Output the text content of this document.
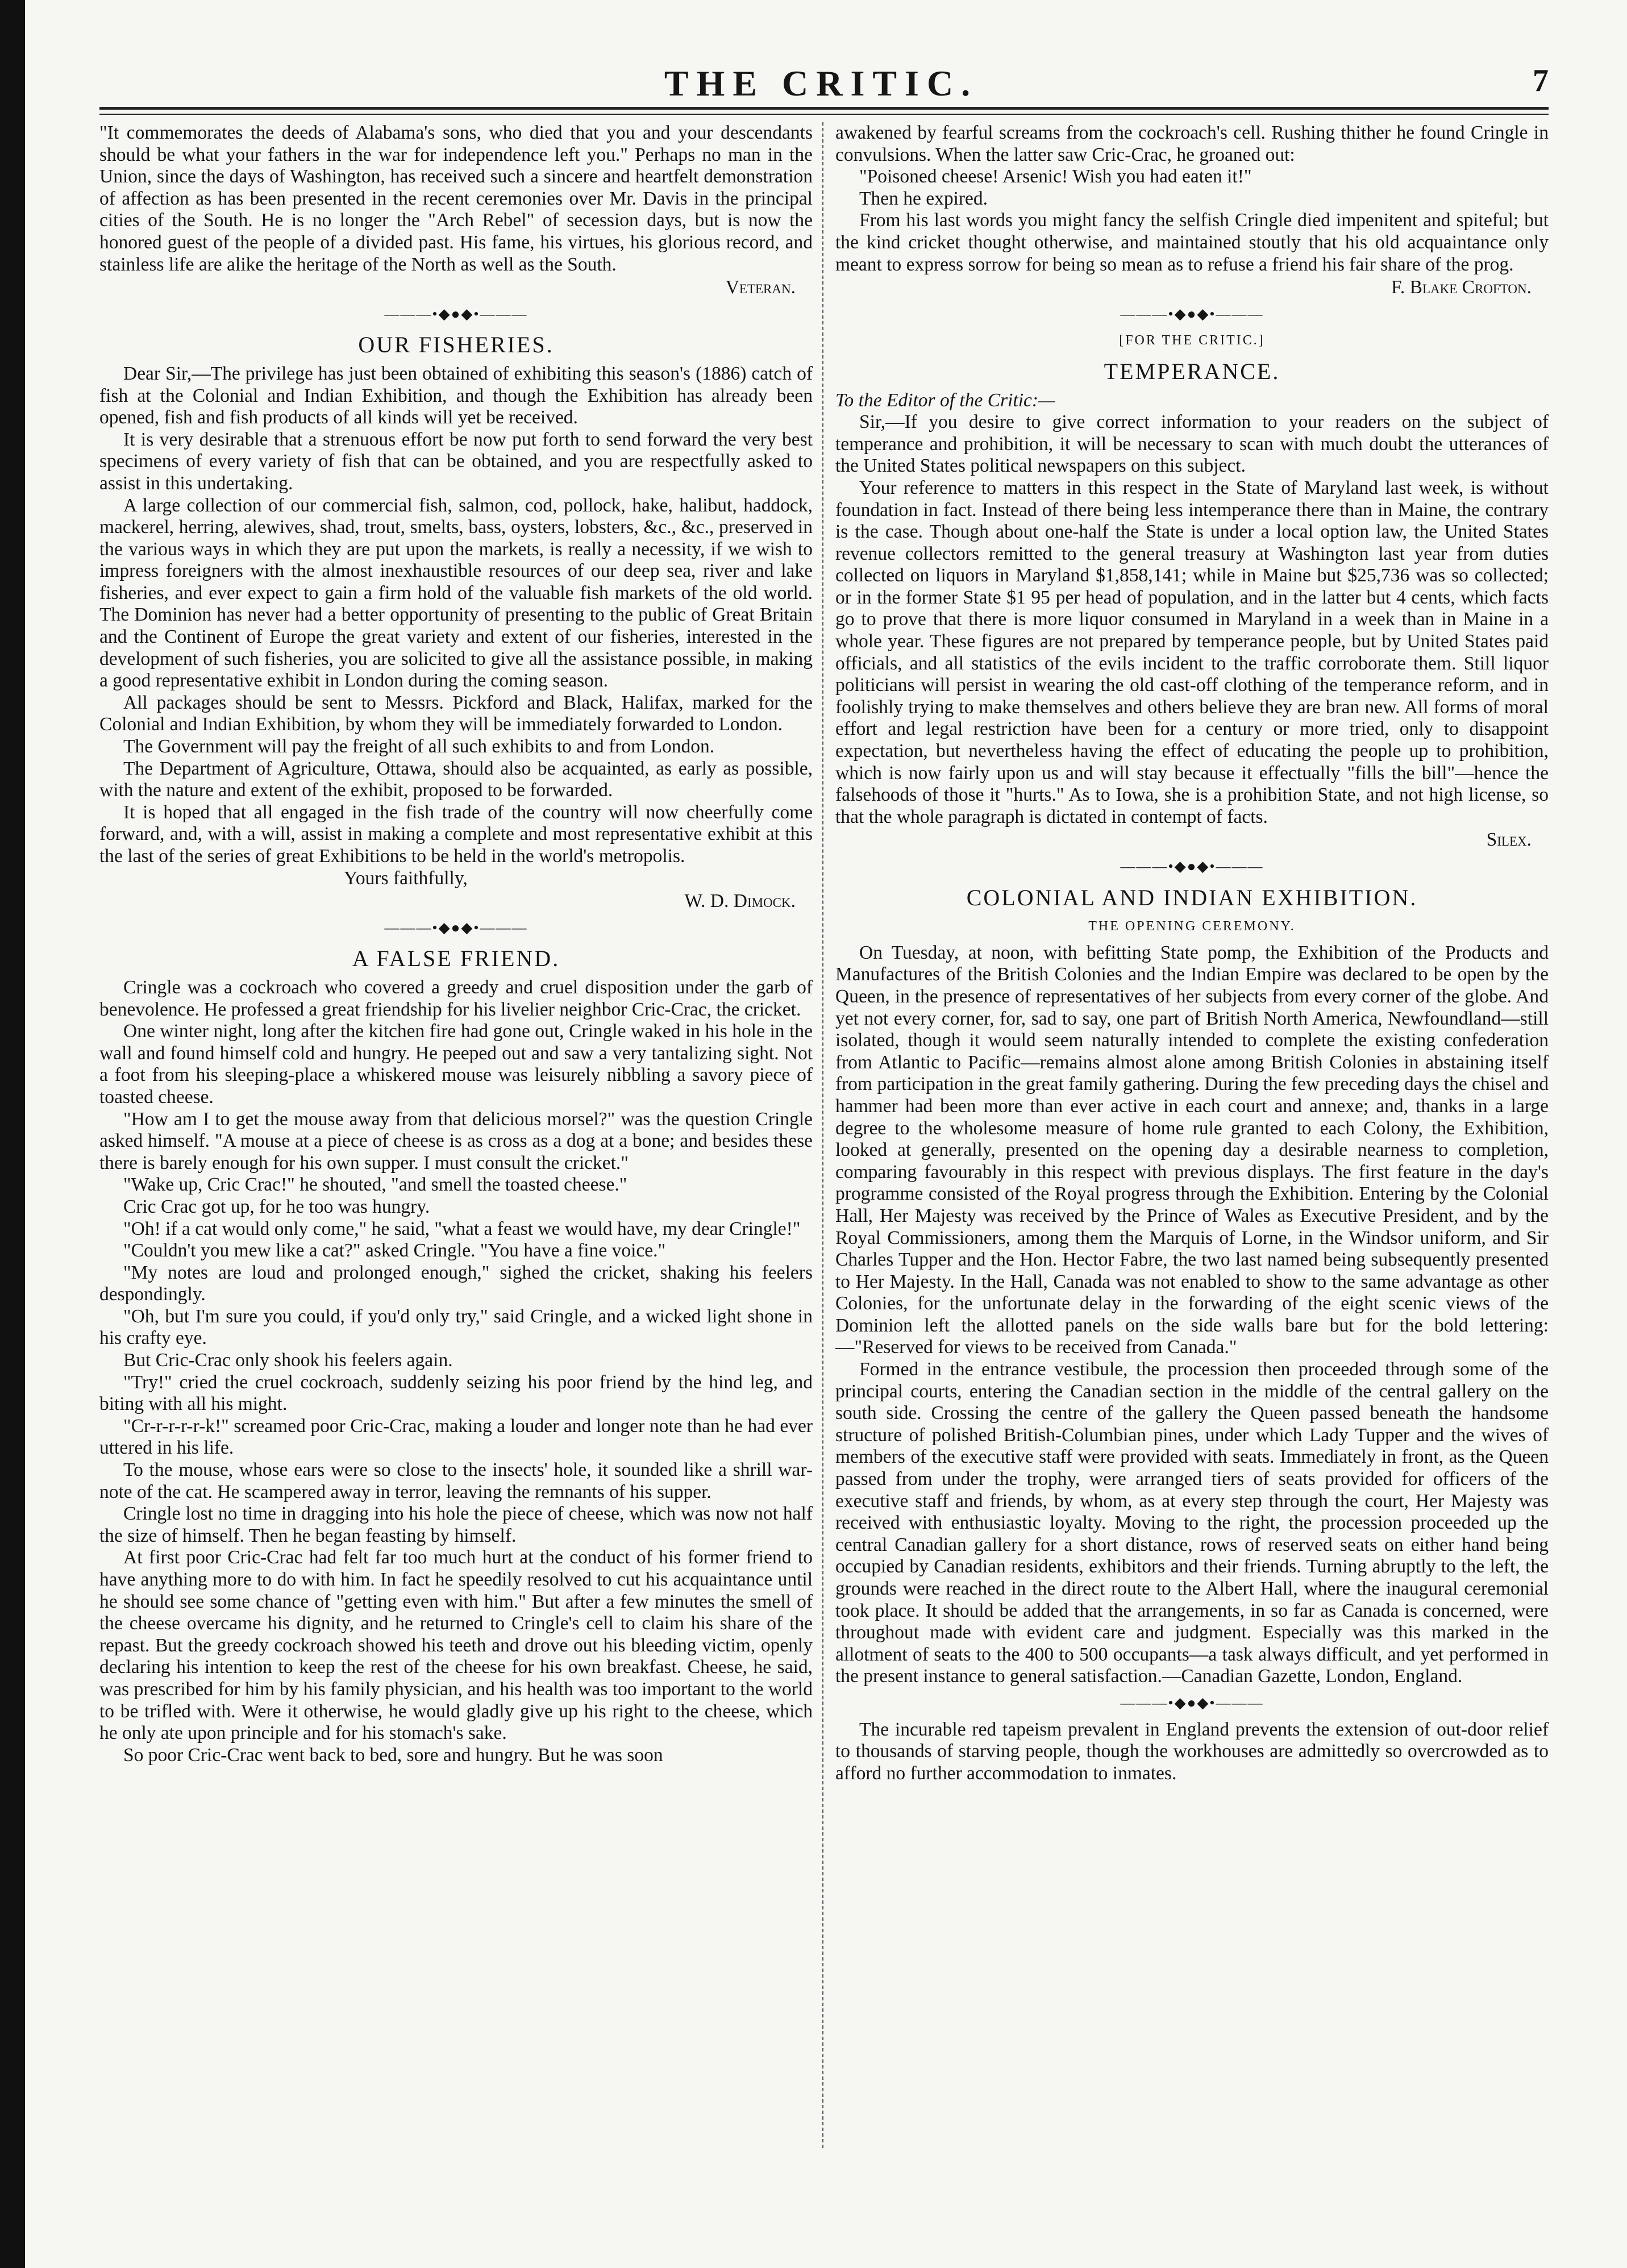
THE CRITIC.	7

"It commemorates the deeds of Alabama's sons, who died that you and your descendants should be what your fathers in the war for independence left you." Perhaps no man in the Union, since the days of Washington, has received such a sincere and heartfelt demonstration of affection as has been presented in the recent ceremonies over Mr. Davis in the principal cities of the South. He is no longer the "Arch Rebel" of secession days, but is now the honored guest of the people of a divided past. His fame, his virtues, his glorious record, and stainless life are alike the heritage of the North as well as the South.

Veteran.

———•◆●◆•———
OUR FISHERIES.

Dear Sir,—The privilege has just been obtained of exhibiting this season's (1886) catch of fish at the Colonial and Indian Exhibition, and though the Exhibition has already been opened, fish and fish products of all kinds will yet be received.

It is very desirable that a strenuous effort be now put forth to send forward the very best specimens of every variety of fish that can be obtained, and you are respectfully asked to assist in this undertaking.

A large collection of our commercial fish, salmon, cod, pollock, hake, halibut, haddock, mackerel, herring, alewives, shad, trout, smelts, bass, oysters, lobsters, &c., &c., preserved in the various ways in which they are put upon the markets, is really a necessity, if we wish to impress foreigners with the almost inexhaustible resources of our deep sea, river and lake fisheries, and ever expect to gain a firm hold of the valuable fish markets of the old world. The Dominion has never had a better opportunity of presenting to the public of Great Britain and the Continent of Europe the great variety and extent of our fisheries, interested in the development of such fisheries, you are solicited to give all the assistance possible, in making a good representative exhibit in London during the coming season.

All packages should be sent to Messrs. Pickford and Black, Halifax, marked for the Colonial and Indian Exhibition, by whom they will be immediately forwarded to London.

The Government will pay the freight of all such exhibits to and from London.

The Department of Agriculture, Ottawa, should also be acquainted, as early as possible, with the nature and extent of the exhibit, proposed to be forwarded.

It is hoped that all engaged in the fish trade of the country will now cheerfully come forward, and, with a will, assist in making a complete and most representative exhibit at this the last of the series of great Exhibitions to be held in the world's metropolis.

Yours faithfully,

W. D. Dimock.

———•◆●◆•———
A FALSE FRIEND.

Cringle was a cockroach who covered a greedy and cruel disposition under the garb of benevolence. He professed a great friendship for his livelier neighbor Cric-Crac, the cricket.

One winter night, long after the kitchen fire had gone out, Cringle waked in his hole in the wall and found himself cold and hungry. He peeped out and saw a very tantalizing sight. Not a foot from his sleeping-place a whiskered mouse was leisurely nibbling a savory piece of toasted cheese.

"How am I to get the mouse away from that delicious morsel?" was the question Cringle asked himself. "A mouse at a piece of cheese is as cross as a dog at a bone; and besides these there is barely enough for his own supper. I must consult the cricket."

"Wake up, Cric Crac!" he shouted, "and smell the toasted cheese."

Cric Crac got up, for he too was hungry.

"Oh! if a cat would only come," he said, "what a feast we would have, my dear Cringle!"

"Couldn't you mew like a cat?" asked Cringle. "You have a fine voice."

"My notes are loud and prolonged enough," sighed the cricket, shaking his feelers despondingly.

"Oh, but I'm sure you could, if you'd only try," said Cringle, and a wicked light shone in his crafty eye.

But Cric-Crac only shook his feelers again.

"Try!" cried the cruel cockroach, suddenly seizing his poor friend by the hind leg, and biting with all his might.

"Cr-r-r-r-r-k!" screamed poor Cric-Crac, making a louder and longer note than he had ever uttered in his life.

To the mouse, whose ears were so close to the insects' hole, it sounded like a shrill war-note of the cat. He scampered away in terror, leaving the remnants of his supper.

Cringle lost no time in dragging into his hole the piece of cheese, which was now not half the size of himself. Then he began feasting by himself.

At first poor Cric-Crac had felt far too much hurt at the conduct of his former friend to have anything more to do with him. In fact he speedily resolved to cut his acquaintance until he should see some chance of "getting even with him." But after a few minutes the smell of the cheese overcame his dignity, and he returned to Cringle's cell to claim his share of the repast. But the greedy cockroach showed his teeth and drove out his bleeding victim, openly declaring his intention to keep the rest of the cheese for his own breakfast. Cheese, he said, was prescribed for him by his family physician, and his health was too important to the world to be trifled with. Were it otherwise, he would gladly give up his right to the cheese, which he only ate upon principle and for his stomach's sake.

So poor Cric-Crac went back to bed, sore and hungry. But he was soon

awakened by fearful screams from the cockroach's cell. Rushing thither he found Cringle in convulsions. When the latter saw Cric-Crac, he groaned out:

"Poisoned cheese! Arsenic! Wish you had eaten it!"

Then he expired.

From his last words you might fancy the selfish Cringle died impenitent and spiteful; but the kind cricket thought otherwise, and maintained stoutly that his old acquaintance only meant to express sorrow for being so mean as to refuse a friend his fair share of the prog.

F. Blake Crofton.

———•◆●◆•———
[FOR THE CRITIC.]
TEMPERANCE.

To the Editor of the Critic:—

Sir,—If you desire to give correct information to your readers on the subject of temperance and prohibition, it will be necessary to scan with much doubt the utterances of the United States political newspapers on this subject.

Your reference to matters in this respect in the State of Maryland last week, is without foundation in fact. Instead of there being less intemperance there than in Maine, the contrary is the case. Though about one-half the State is under a local option law, the United States revenue collectors remitted to the general treasury at Washington last year from duties collected on liquors in Maryland $1,858,141; while in Maine but $25,736 was so collected; or in the former State $1 95 per head of population, and in the latter but 4 cents, which facts go to prove that there is more liquor consumed in Maryland in a week than in Maine in a whole year. These figures are not prepared by temperance people, but by United States paid officials, and all statistics of the evils incident to the traffic corroborate them. Still liquor politicians will persist in wearing the old cast-off clothing of the temperance reform, and in foolishly trying to make themselves and others believe they are bran new. All forms of moral effort and legal restriction have been for a century or more tried, only to disappoint expectation, but nevertheless having the effect of educating the people up to prohibition, which is now fairly upon us and will stay because it effectually "fills the bill"—hence the falsehoods of those it "hurts." As to Iowa, she is a prohibition State, and not high license, so that the whole paragraph is dictated in contempt of facts.

Silex.

———•◆●◆•———
COLONIAL AND INDIAN EXHIBITION.
THE OPENING CEREMONY.

On Tuesday, at noon, with befitting State pomp, the Exhibition of the Products and Manufactures of the British Colonies and the Indian Empire was declared to be open by the Queen, in the presence of representatives of her subjects from every corner of the globe. And yet not every corner, for, sad to say, one part of British North America, Newfoundland—still isolated, though it would seem naturally intended to complete the existing confederation from Atlantic to Pacific—remains almost alone among British Colonies in abstaining itself from participation in the great family gathering. During the few preceding days the chisel and hammer had been more than ever active in each court and annexe; and, thanks in a large degree to the wholesome measure of home rule granted to each Colony, the Exhibition, looked at generally, presented on the opening day a desirable nearness to completion, comparing favourably in this respect with previous displays. The first feature in the day's programme consisted of the Royal progress through the Exhibition. Entering by the Colonial Hall, Her Majesty was received by the Prince of Wales as Executive President, and by the Royal Commissioners, among them the Marquis of Lorne, in the Windsor uniform, and Sir Charles Tupper and the Hon. Hector Fabre, the two last named being subsequently presented to Her Majesty. In the Hall, Canada was not enabled to show to the same advantage as other Colonies, for the unfortunate delay in the forwarding of the eight scenic views of the Dominion left the allotted panels on the side walls bare but for the bold lettering:—"Reserved for views to be received from Canada."

Formed in the entrance vestibule, the procession then proceeded through some of the principal courts, entering the Canadian section in the middle of the central gallery on the south side. Crossing the centre of the gallery the Queen passed beneath the handsome structure of polished British-Columbian pines, under which Lady Tupper and the wives of members of the executive staff were provided with seats. Immediately in front, as the Queen passed from under the trophy, were arranged tiers of seats provided for officers of the executive staff and friends, by whom, as at every step through the court, Her Majesty was received with enthusiastic loyalty. Moving to the right, the procession proceeded up the central Canadian gallery for a short distance, rows of reserved seats on either hand being occupied by Canadian residents, exhibitors and their friends. Turning abruptly to the left, the grounds were reached in the direct route to the Albert Hall, where the inaugural ceremonial took place. It should be added that the arrangements, in so far as Canada is concerned, were throughout made with evident care and judgment. Especially was this marked in the allotment of seats to the 400 to 500 occupants—a task always difficult, and yet performed in the present instance to general satisfaction.—Canadian Gazette, London, England.

———•◆●◆•———

The incurable red tapeism prevalent in England prevents the extension of out-door relief to thousands of starving people, though the workhouses are admittedly so overcrowded as to afford no further accommodation to inmates.
